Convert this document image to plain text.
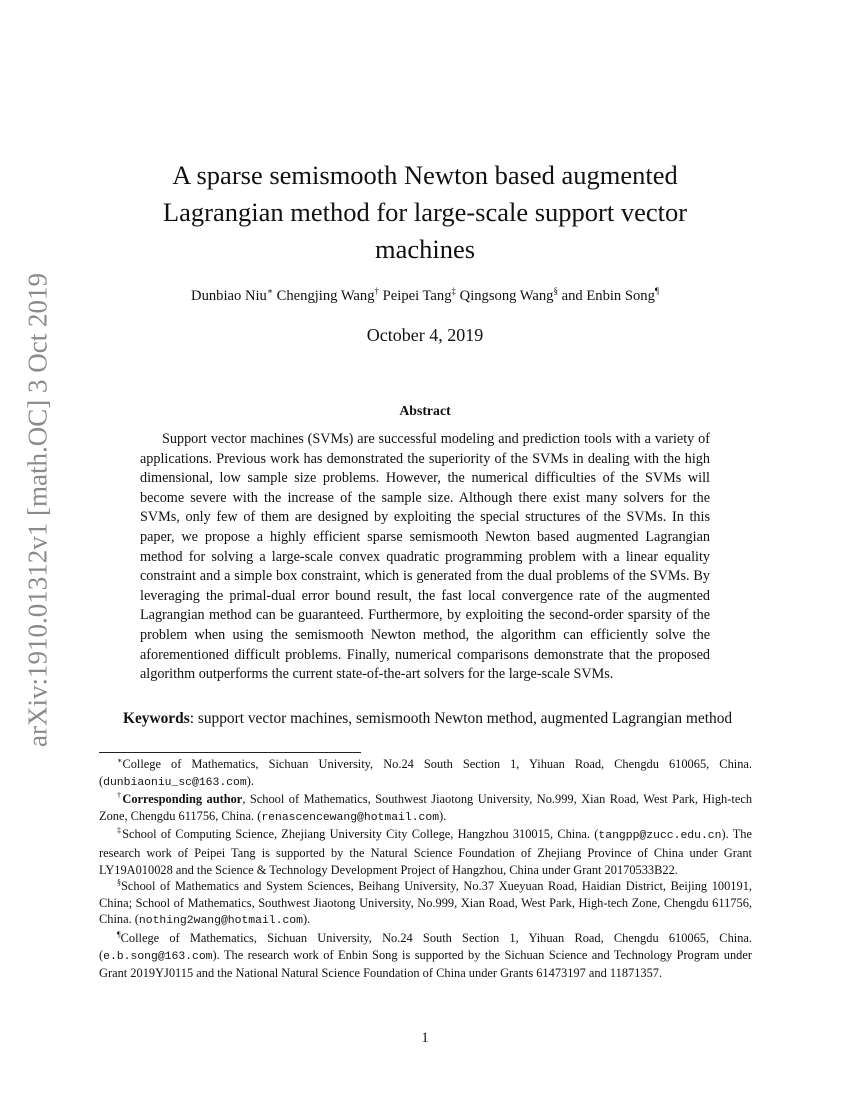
arXiv:1910.01312v1 [math.OC] 3 Oct 2019
A sparse semismooth Newton based augmented Lagrangian method for large-scale support vector machines
Dunbiao Niu∗ Chengjing Wang† Peipei Tang‡ Qingsong Wang§ and Enbin Song¶
October 4, 2019
Abstract

Support vector machines (SVMs) are successful modeling and prediction tools with a variety of applications. Previous work has demonstrated the superiority of the SVMs in dealing with the high dimensional, low sample size problems. However, the numerical difficulties of the SVMs will become severe with the increase of the sample size. Although there exist many solvers for the SVMs, only few of them are designed by exploiting the special structures of the SVMs. In this paper, we propose a highly efficient sparse semismooth Newton based augmented Lagrangian method for solving a large-scale convex quadratic programming problem with a linear equality constraint and a simple box constraint, which is generated from the dual problems of the SVMs. By leveraging the primal-dual error bound result, the fast local convergence rate of the augmented Lagrangian method can be guaranteed. Furthermore, by exploiting the second-order sparsity of the problem when using the semismooth Newton method, the algorithm can efficiently solve the aforementioned difficult problems. Finally, numerical comparisons demonstrate that the proposed algorithm outperforms the current state-of-the-art solvers for the large-scale SVMs.

Keywords: support vector machines, semismooth Newton method, augmented Lagrangian method

∗College of Mathematics, Sichuan University, No.24 South Section 1, Yihuan Road, Chengdu 610065, China. (dunbiaoniu_sc@163.com).

†Corresponding author, School of Mathematics, Southwest Jiaotong University, No.999, Xian Road, West Park, High-tech Zone, Chengdu 611756, China. (renascencewang@hotmail.com).

‡School of Computing Science, Zhejiang University City College, Hangzhou 310015, China. (tangpp@zucc.edu.cn). The research work of Peipei Tang is supported by the Natural Science Foundation of Zhejiang Province of China under Grant LY19A010028 and the Science & Technology Development Project of Hangzhou, China under Grant 20170533B22.

§School of Mathematics and System Sciences, Beihang University, No.37 Xueyuan Road, Haidian District, Beijing 100191, China; School of Mathematics, Southwest Jiaotong University, No.999, Xian Road, West Park, High-tech Zone, Chengdu 611756, China. (nothing2wang@hotmail.com).

¶College of Mathematics, Sichuan University, No.24 South Section 1, Yihuan Road, Chengdu 610065, China. (e.b.song@163.com). The research work of Enbin Song is supported by the Sichuan Science and Technology Program under Grant 2019YJ0115 and the National Natural Science Foundation of China under Grants 61473197 and 11871357.

1
